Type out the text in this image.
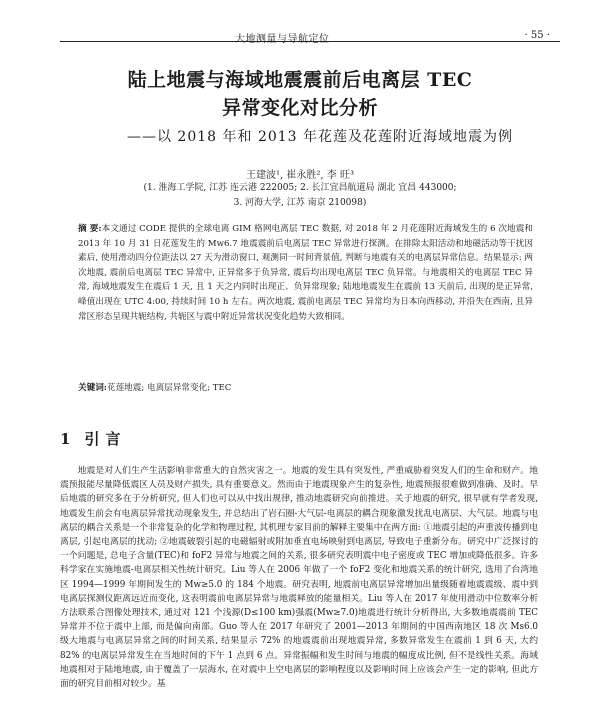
大地测量与导航定位	· 55 ·
陆上地震与海域地震震前后电离层 TEC
异常变化对比分析
——以 2018 年和 2013 年花莲及花莲附近海域地震为例
王建波¹, 崔永胜², 李 旺³
(1. 淮海工学院, 江苏 连云港 222005; 2. 长江宜昌航道局 湖北 宜昌 443000;
3. 河海大学, 江苏 南京 210098)
摘 要:本文通过 CODE 提供的全球电离 GIM 格网电离层 TEC 数据, 对 2018 年 2 月花莲附近海域发生的 6 次地震和 2013 年 10 月 31 日花莲发生的 Mw6.7 地震震前后电离层 TEC 异常进行探测。在排除太阳活动和地磁活动等干扰因素后, 使用滑动四分位距法以 27 天为滑动窗口, 观测同一时间背景值, 判断与地震有关的电离层异常信息。结果显示: 两次地震, 震前后电离层 TEC 异常中, 正异常多于负异常, 震后均出现电离层 TEC 负异常。与地震相关的电离层 TEC 异常, 海域地震发生在震后 1 天, 且 1 天之内同时出现正、负异常现象; 陆地地震发生在震前 13 天前后, 出现的是正异常, 峰值出现在 UTC 4:00, 持续时间 10 h 左右。两次地震, 震前电离层 TEC 异常均为日本向西移动, 并沿失在西南, 且异常区形态呈现共轭结构, 共轭区与震中附近异常状况变化趋势大致相同。
关键词:花莲地震; 电离层异常变化; TEC
1 引言
地震是对人们生产生活影响非常重大的自然灾害之一。地震的发生具有突发性, 严重威胁着突发人们的生命和财产。地震预报能尽量降低震区人员及财产损失, 具有重要意义。然而由于地震现象产生的复杂性, 地震预报很难做到准确、及时。早后地震的研究多在于分析研究, 但人们也可以从中找出规律, 推动地震研究向前推进。关于地震的研究, 很早就有学者发现, 地震发生前会有电离层异常扰动现象发生, 并总结出了岩石圈-大气层-电离层的耦合现象激发扰乱电离层、大气层。地震与电离层的耦合关系是一个非常复杂的化学和物理过程, 其机理专家目前的解释主要集中在两方面: ①地震引起的声重波传播到电离层, 引起电离层的扰动; ②地震破裂引起的电磁辐射或附加垂直电场映射到电离层, 导致电子重新分布。研究中广泛探讨的一个问题是, 总电子含量(TEC)和 foF2 异常与地震之间的关系, 很多研究表明震中电子密度或 TEC 增加或降低很多。许多科学家在实施地震-电离层相关性统计研究。Liu 等人在 2006 年做了一个 foF2 变化和地震关系的统计研究, 选用了台湾地区 1994—1999 年期间发生的 Mw≥5.0 的 184 个地震。研究表明, 地震前电离层异常增加出量级随着地震震级、震中到电离层探测仪距离远近而变化, 这表明震前电离层异常与地震释放的能量相关。Liu 等人在 2017 年使用滑动中位数率分析方法联系合图像处理技术, 通过对 121 个浅源(D≤100 km)强震(Mw≥7.0)地震进行统计分析得出, 大多数地震震前 TEC 异常并不位于震中上部, 而是偏向南部。Guo 等人在 2017 年研究了 2001—2013 年期间的中国西南地区 18 次 Ms6.0 级大地震与电离层异常之间的时间关系, 结果显示 72% 的地震震前出现地震异常, 多数异常发生在震前 1 到 6 天, 大约 82% 的电离层异常发生在当地时间的下午 1 点到 6 点。异常振幅和发生时间与地震的幅度成比例, 但不是线性关系。海域地震相对于陆地地震, 由于覆盖了一层海水, 在对震中上空电离层的影响程度以及影响时间上应该会产生一定的影响, 但此方面的研究目前相对较少。基
